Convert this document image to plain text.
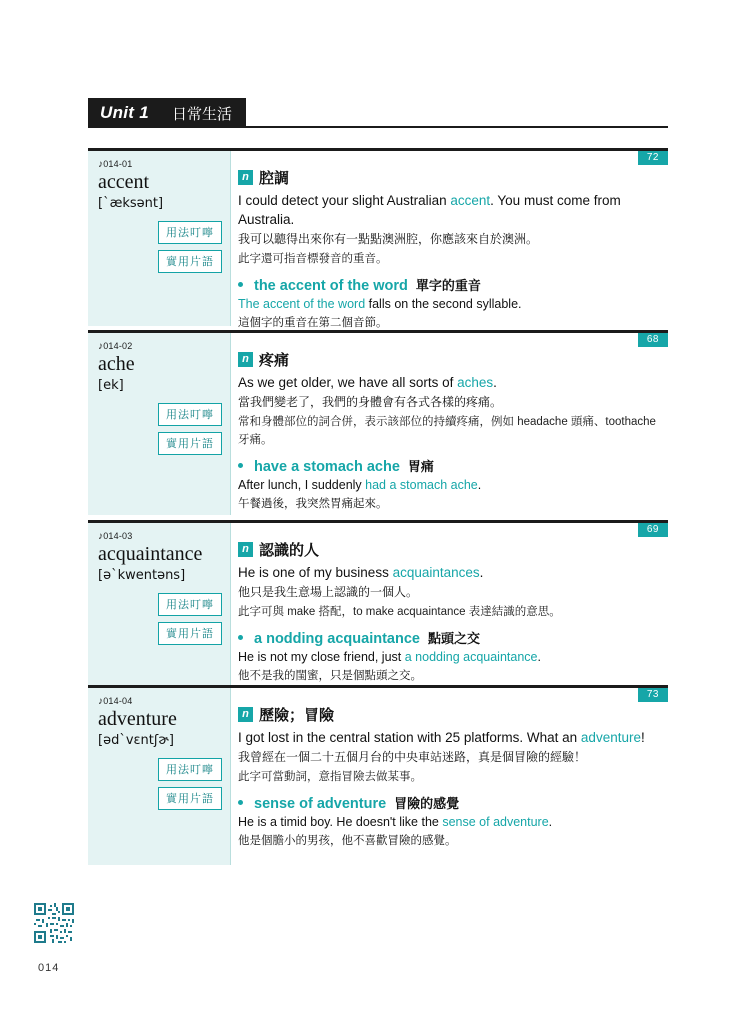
Unit 1	日常生活
72
♪014-01
accent
[`æksənt]
用法叮嚀
實用片語
n 腔調
I could detect your slight Australian accent. You must come from Australia.
我可以聽得出來你有一點點澳洲腔，你應該來自於澳洲。
此字還可指音標發音的重音。
the accent of the word 單字的重音
The accent of the word falls on the second syllable.
這個字的重音在第二個音節。
68
♪014-02
ache
[ek]
用法叮嚀
實用片語
n 疼痛
As we get older, we have all sorts of aches.
當我們變老了，我們的身體會有各式各樣的疼痛。
常和身體部位的詞合併，表示該部位的持續疼痛，例如 headache 頭痛、toothache 牙痛。
have a stomach ache 胃痛
After lunch, I suddenly had a stomach ache.
午餐過後，我突然胃痛起來。
69
♪014-03
acquaintance
[ə`kwentəns]
用法叮嚀
實用片語
n 認識的人
He is one of my business acquaintances.
他只是我生意場上認識的一個人。
此字可與 make 搭配，to make acquaintance 表達結識的意思。
a nodding acquaintance 點頭之交
He is not my close friend, just a nodding acquaintance.
他不是我的閨蜜，只是個點頭之交。
73
♪014-04
adventure
[əd`vɛntʃɚ]
用法叮嚀
實用片語
n 歷險；冒險
I got lost in the central station with 25 platforms. What an adventure!
我曾經在一個二十五個月台的中央車站迷路，真是個冒險的經驗！
此字可當動詞，意指冒險去做某事。
sense of adventure 冒險的感覺
He is a timid boy. He doesn't like the sense of adventure.
他是個膽小的男孩，他不喜歡冒險的感覺。
014
